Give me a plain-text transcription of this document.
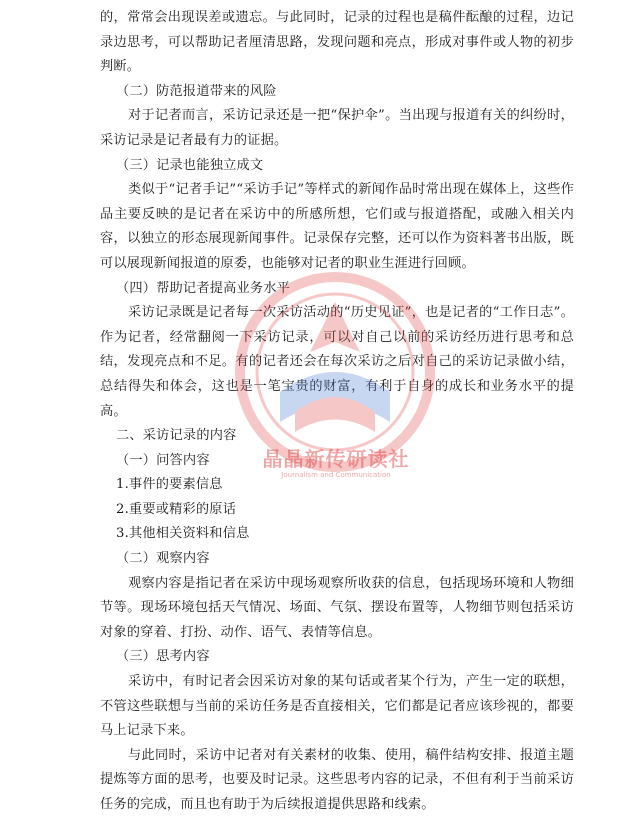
的，常常会出现误差或遗忘。与此同时，记录的过程也是稿件酝酿的过程，边记录边思考，可以帮助记者厘清思路，发现问题和亮点，形成对事件或人物的初步判断。

（二）防范报道带来的风险

对于记者而言，采访记录还是一把“保护伞”。当出现与报道有关的纠纷时，采访记录是记者最有力的证据。

（三）记录也能独立成文

类似于“记者手记”“采访手记”等样式的新闻作品时常出现在媒体上，这些作品主要反映的是记者在采访中的所感所想，它们或与报道搭配，或融入相关内容，以独立的形态展现新闻事件。记录保存完整，还可以作为资料著书出版，既可以展现新闻报道的原委，也能够对记者的职业生涯进行回顾。

（四）帮助记者提高业务水平

采访记录既是记者每一次采访活动的“历史见证”，也是记者的“工作日志”。作为记者，经常翻阅一下采访记录，可以对自己以前的采访经历进行思考和总结，发现亮点和不足。有的记者还会在每次采访之后对自己的采访记录做小结，总结得失和体会，这也是一笔宝贵的财富，有利于自身的成长和业务水平的提高。

二、采访记录的内容

（一）问答内容

1.事件的要素信息

2.重要或精彩的原话

3.其他相关资料和信息

（二）观察内容

观察内容是指记者在采访中现场观察所收获的信息，包括现场环境和人物细节等。现场环境包括天气情况、场面、气氛、摆设布置等，人物细节则包括采访对象的穿着、打扮、动作、语气、表情等信息。

（三）思考内容

采访中，有时记者会因采访对象的某句话或者某个行为，产生一定的联想，不管这些联想与当前的采访任务是否直接相关，它们都是记者应该珍视的，都要马上记录下来。

与此同时，采访中记者对有关素材的收集、使用，稿件结构安排、报道主题提炼等方面的思考，也要及时记录。这些思考内容的记录，不但有利于当前采访任务的完成，而且也有助于为后续报道提供思路和线索。

晶晶新传研读社
Journalism and Communication
